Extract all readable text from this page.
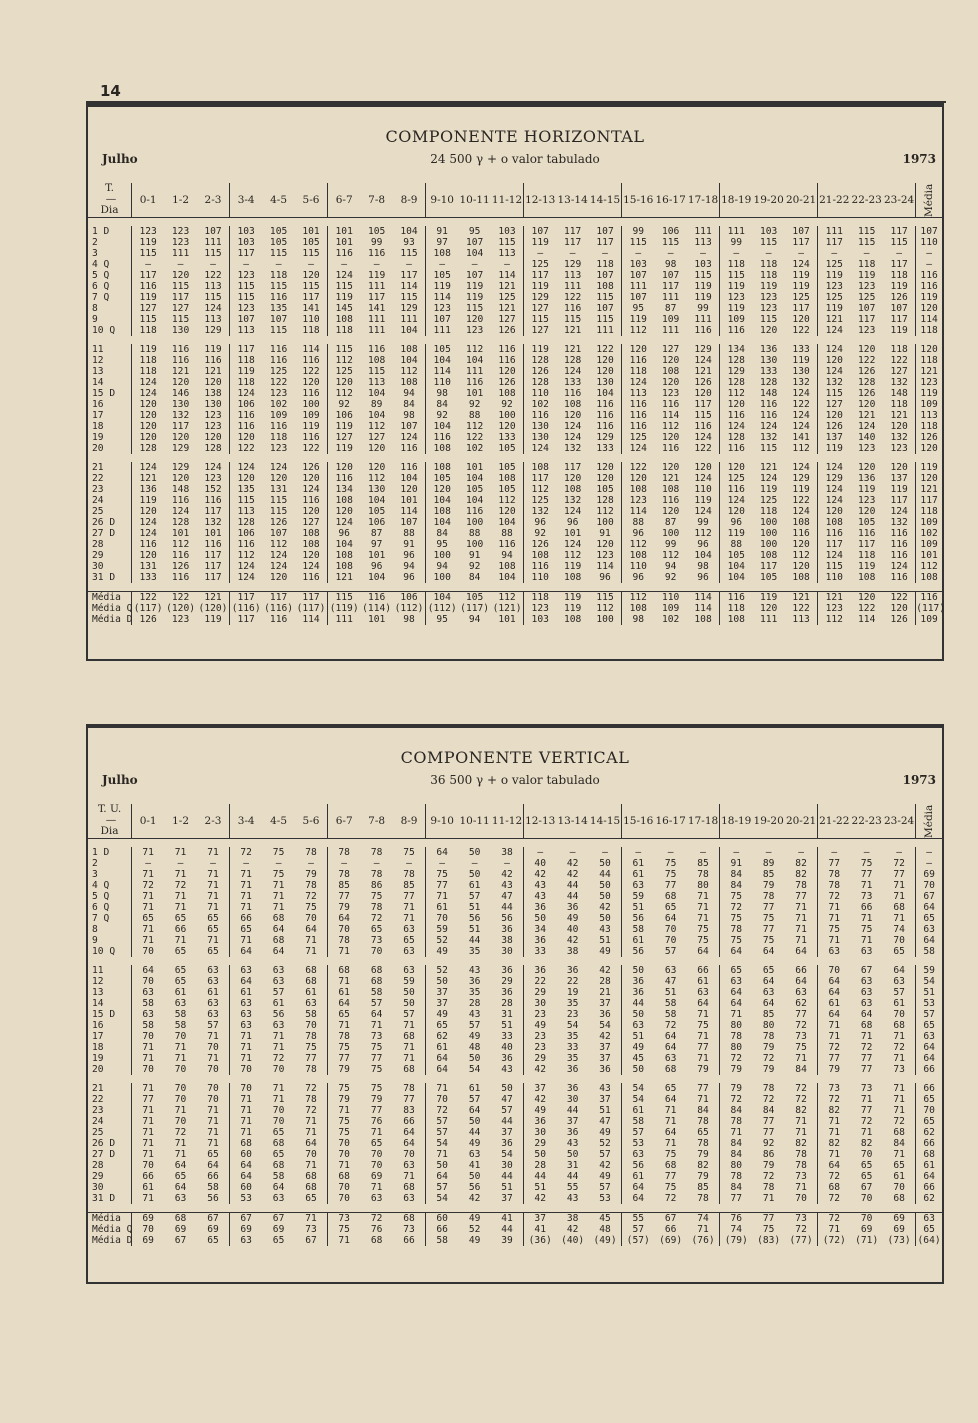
14
COMPONENTE HORIZONTAL
Julho	24 500 γ + o valor tabulado	1973
T.
—
Dia	0-1	1-2	2-3	3-4	4-5	5-6	6-7	7-8	8-9	9-10	10-11	11-12	12-13	13-14	14-15	15-16	16-17	17-18	18-19	19-20	20-21	21-22	22-23	23-24	Média

1 D	123	123	107	103	105	101	101	105	104	91	95	103	107	117	107	99	106	111	111	103	107	111	115	117	107
2	119	123	111	103	105	105	101	99	93	97	107	115	119	117	117	115	115	113	99	115	117	117	115	115	110
3	115	111	115	117	115	115	116	116	115	108	104	113	—	—	—	—	—	—	—	—	—	—	—	—	—
4 Q	—	—	—	—	—	—	—	—	—	—	—	—	125	129	118	103	98	103	118	118	124	125	118	117	—
5 Q	117	120	122	123	118	120	124	119	117	105	107	114	117	113	107	107	107	115	115	118	119	119	119	118	116
6 Q	116	115	113	115	115	115	115	111	114	119	119	121	119	111	108	111	117	119	119	119	119	123	123	119	116
7 Q	119	117	115	115	116	117	119	117	115	114	119	125	129	122	115	107	111	119	123	123	125	125	125	126	119
8	127	127	124	123	135	141	145	141	129	123	115	121	127	116	107	95	87	99	119	123	117	119	107	107	120
9	115	115	113	107	107	110	108	111	111	107	120	127	115	115	115	119	109	111	109	115	120	121	117	117	114
10 Q	118	130	129	113	115	118	118	111	104	111	123	126	127	121	111	112	111	116	116	120	122	124	123	119	118

11	119	116	119	117	116	114	115	116	108	105	112	116	119	121	122	120	127	129	134	136	133	124	120	118	120
12	118	116	116	118	116	116	112	108	104	104	104	116	128	128	120	116	120	124	128	130	119	120	122	122	118
13	118	121	121	119	125	122	125	115	112	114	111	120	126	124	120	118	108	121	129	133	130	124	126	127	121
14	124	120	120	118	122	120	120	113	108	110	116	126	128	133	130	124	120	126	128	128	132	132	128	132	123
15 D	124	146	138	124	123	116	112	104	94	98	101	108	110	116	104	113	123	120	112	148	124	115	126	148	119
16	120	130	130	106	102	100	92	89	84	84	92	92	102	108	116	116	116	117	120	116	122	127	120	118	109
17	120	132	123	116	109	109	106	104	98	92	88	100	116	120	116	116	114	115	116	116	124	120	121	121	113
18	120	117	123	116	116	119	119	112	107	104	112	120	130	124	116	116	112	116	124	124	124	126	124	120	118
19	120	120	120	120	118	116	127	127	124	116	122	133	130	124	129	125	120	124	128	132	141	137	140	132	126
20	128	129	128	122	123	122	119	120	116	108	102	105	124	132	133	124	116	122	116	115	112	119	123	123	120

21	124	129	124	124	124	126	120	120	116	108	101	105	108	117	120	122	120	120	120	121	124	124	120	120	119
22	121	120	123	120	120	120	116	112	104	105	104	108	117	120	120	120	121	124	125	124	129	129	136	137	120
23	136	148	152	135	131	124	134	130	120	120	105	105	112	108	105	108	108	110	116	119	119	124	119	119	121
24	119	116	116	115	115	116	108	104	101	104	104	112	125	132	128	123	116	119	124	125	122	124	123	117	117
25	120	124	117	113	115	120	120	105	114	108	116	120	132	124	112	114	120	124	120	118	124	120	120	124	118
26 D	124	128	132	128	126	127	124	106	107	104	100	104	96	96	100	88	87	99	96	100	108	108	105	132	109
27 D	124	101	101	106	107	108	96	87	88	84	88	88	92	101	91	96	100	112	119	100	116	116	116	116	102
28	116	112	116	116	112	108	104	97	91	95	100	116	126	124	120	112	99	96	88	100	120	117	117	116	109
29	120	116	117	112	124	120	108	101	96	100	91	94	108	112	123	108	112	104	105	108	112	124	118	116	101
30	131	126	117	124	124	124	108	96	94	94	92	108	116	119	114	110	94	98	104	117	120	115	119	124	112
31 D	133	116	117	124	120	116	121	104	96	100	84	104	110	108	96	96	92	96	104	105	108	110	108	116	108

Média	122	122	121	117	117	117	115	116	106	104	105	112	118	119	115	112	110	114	116	119	121	121	120	122	116
Média Q	(117)	(120)	(120)	(116)	(116)	(117)	(119)	(114)	(112)	(112)	(117)	(121)	123	119	112	108	109	114	118	120	122	123	122	120	(117)
Média D	126	123	119	117	116	114	111	101	98	95	94	101	103	108	100	98	102	108	108	111	113	112	114	126	109
COMPONENTE VERTICAL
Julho	36 500 γ + o valor tabulado	1973
T. U.
—
Dia	0-1	1-2	2-3	3-4	4-5	5-6	6-7	7-8	8-9	9-10	10-11	11-12	12-13	13-14	14-15	15-16	16-17	17-18	18-19	19-20	20-21	21-22	22-23	23-24	Média

1 D	71	71	71	72	75	78	78	78	75	64	50	38	—	—	—	—	—	—	—	—	—	—	—	—	—
2	—	—	—	—	—	—	—	—	—	—	—	—	40	42	50	61	75	85	91	89	82	77	75	72	—
3	71	71	71	71	75	79	78	78	78	75	50	42	42	42	44	61	75	78	84	85	82	78	77	77	69
4 Q	72	72	71	71	71	78	85	86	85	77	61	43	43	44	50	63	77	80	84	79	78	78	71	71	70
5 Q	71	71	71	71	71	72	77	75	77	71	57	47	43	44	50	59	68	71	75	78	77	72	73	71	67
6 Q	71	71	71	71	71	75	79	78	71	61	51	44	36	36	42	51	65	71	72	77	71	71	66	68	64
7 Q	65	65	65	66	68	70	64	72	71	70	56	56	50	49	50	56	64	71	75	75	71	71	71	71	65
8	71	66	65	65	64	64	70	65	63	59	51	36	34	40	43	58	70	75	78	77	71	75	75	74	63
9	71	71	71	71	68	71	78	73	65	52	44	38	36	42	51	61	70	75	75	75	71	71	71	70	64
10 Q	70	65	65	64	64	71	71	70	63	49	35	30	33	38	49	56	57	64	64	64	64	63	63	65	58

11	64	65	63	63	63	68	68	68	63	52	43	36	36	36	42	50	63	66	65	65	66	70	67	64	59
12	70	65	63	64	63	68	71	68	59	50	36	29	22	22	28	36	47	61	63	64	64	64	63	63	54
13	63	61	61	61	57	61	61	58	50	37	35	36	29	19	21	36	51	63	64	63	63	64	63	57	51
14	58	63	63	63	61	63	64	57	50	37	28	28	30	35	37	44	58	64	64	64	62	61	63	61	53
15 D	63	58	63	63	56	58	65	64	57	49	43	31	23	23	36	50	58	71	71	85	77	64	64	70	57
16	58	58	57	63	63	70	71	71	71	65	57	51	49	54	54	63	72	75	80	80	72	71	68	68	65
17	70	70	71	71	71	78	78	73	68	62	49	33	23	35	42	51	64	71	78	78	73	71	71	71	63
18	71	71	70	71	71	75	75	75	71	61	48	40	23	33	37	49	64	77	80	79	75	72	72	72	64
19	71	71	71	71	72	77	77	77	71	64	50	36	29	35	37	45	63	71	72	72	71	77	77	71	64
20	70	70	70	70	70	78	79	75	68	64	54	43	42	36	36	50	68	79	79	79	84	79	77	73	66

21	71	70	70	70	71	72	75	75	78	71	61	50	37	36	43	54	65	77	79	78	72	73	73	71	66
22	77	70	70	71	71	78	79	79	77	70	57	47	42	30	37	54	64	71	72	72	72	72	71	71	65
23	71	71	71	71	70	72	71	77	83	72	64	57	49	44	51	61	71	84	84	84	82	82	77	71	70
24	71	70	71	71	70	71	75	76	66	57	50	44	36	37	47	58	71	78	78	77	71	71	72	72	65
25	71	72	71	71	65	71	75	71	64	57	44	37	30	36	49	57	64	65	71	77	71	71	71	68	62
26 D	71	71	71	68	68	64	70	65	64	54	49	36	29	43	52	53	71	78	84	92	82	82	82	84	66
27 D	71	71	65	60	65	70	70	70	70	71	63	54	50	50	57	63	75	79	84	86	78	71	70	71	68
28	70	64	64	64	68	71	71	70	63	50	41	30	28	31	42	56	68	82	80	79	78	64	65	65	61
29	66	65	66	64	58	68	68	69	71	64	50	44	44	44	49	61	77	79	78	72	73	72	65	61	64
30	61	64	58	60	64	68	70	71	68	57	56	51	51	55	57	64	75	85	84	78	71	68	67	70	66
31 D	71	63	56	53	63	65	70	63	63	54	42	37	42	43	53	64	72	78	77	71	70	72	70	68	62

Média	69	68	67	67	67	71	73	72	68	60	49	41	37	38	45	55	67	74	76	77	73	72	70	69	63
Média Q	70	69	69	69	69	73	75	76	73	66	52	44	41	42	48	57	66	71	74	75	72	71	69	69	65
Média D	69	67	65	63	65	67	71	68	66	58	49	39	(36)	(40)	(49)	(57)	(69)	(76)	(79)	(83)	(77)	(72)	(71)	(73)	(64)
